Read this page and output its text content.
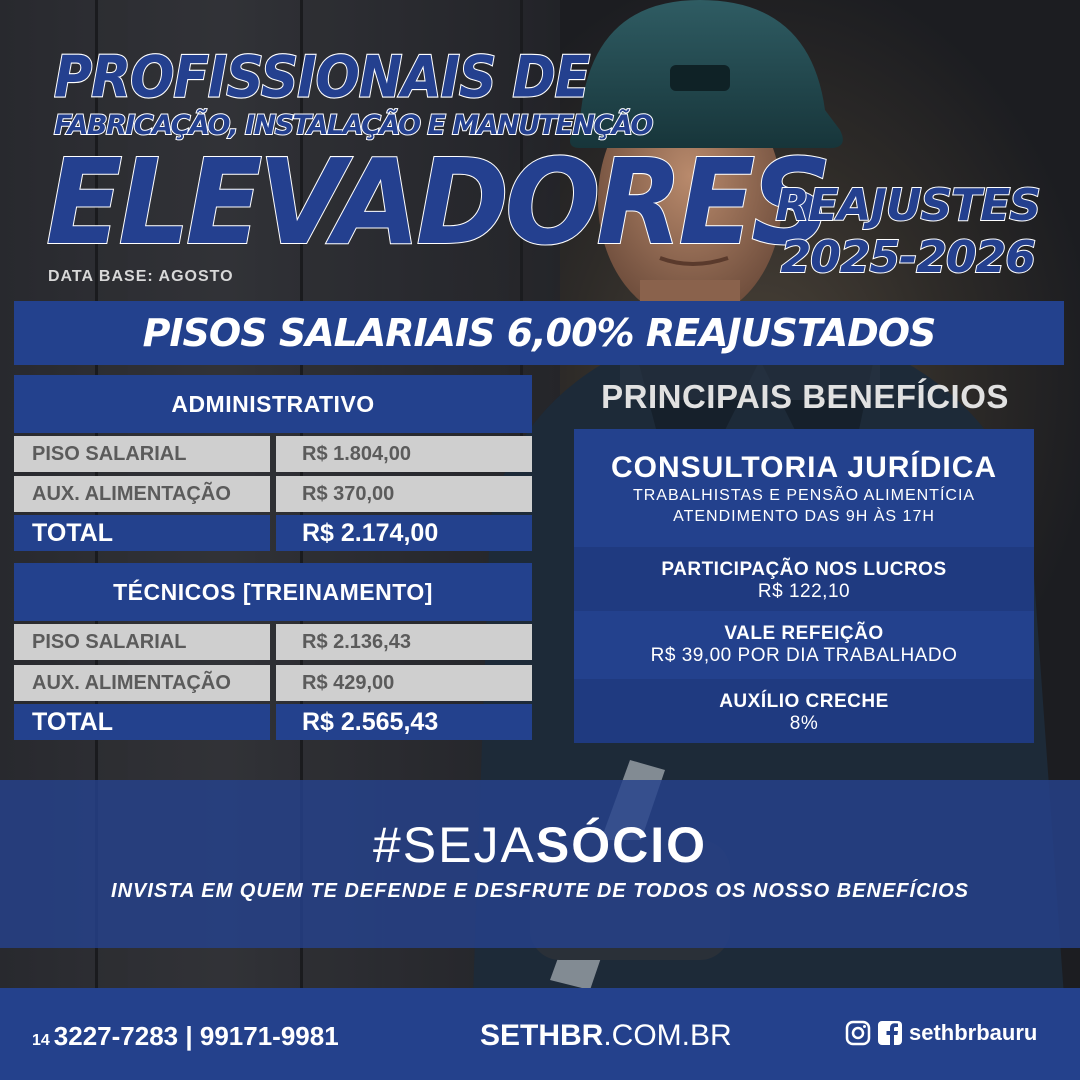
PROFISSIONAIS DE
FABRICAÇÃO, INSTALAÇÃO E MANUTENÇÃO
ELEVADORES
DATA BASE: AGOSTO
REAJUSTES
2025-2026
PISOS SALARIAIS 6,00% REAJUSTADOS
ADMINISTRATIVO
PISO SALARIAL	R$ 1.804,00
AUX. ALIMENTAÇÃO	R$ 370,00
TOTAL	R$ 2.174,00
TÉCNICOS [TREINAMENTO]
PISO SALARIAL	R$ 2.136,43
AUX. ALIMENTAÇÃO	R$ 429,00
TOTAL	R$ 2.565,43
PRINCIPAIS BENEFÍCIOS
CONSULTORIA JURÍDICA
TRABALHISTAS E PENSÃO ALIMENTÍCIA
ATENDIMENTO DAS 9H ÀS 17H
PARTICIPAÇÃO NOS LUCROS
R$ 122,10
VALE REFEIÇÃO
R$ 39,00 POR DIA TRABALHADO
AUXÍLIO CRECHE
8%
#SEJASÓCIO
INVISTA EM QUEM TE DEFENDE E DESFRUTE DE TODOS OS NOSSO BENEFÍCIOS
14 3227-7283 | 99171-9981	SETHBR.COM.BR	sethbrbauru
